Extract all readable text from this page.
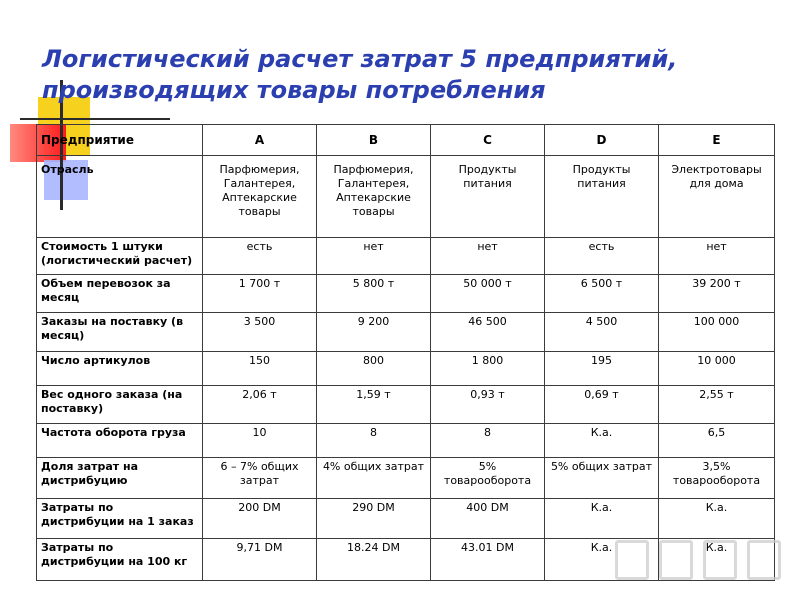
Логистический расчет затрат 5 предприятий, производящих товары потребления
Предприятие	A	B	C	D	E
Отрасль	Парфюмерия, Галантерея, Аптекарские товары	Парфюмерия, Галантерея, Аптекарские товары	Продукты питания	Продукты питания	Электротовары для дома
Стоимость 1 штуки (логистический расчет)	есть	нет	нет	есть	нет
Объем перевозок за месяц	1 700 т	5 800 т	50 000 т	6 500 т	39 200 т
Заказы на поставку (в месяц)	3 500	9 200	46 500	4 500	100 000
Число артикулов	150	800	1 800	195	10 000
Вес одного заказа (на поставку)	2,06 т	1,59 т	0,93 т	0,69 т	2,55 т
Частота оборота груза	10	8	8	К.а.	6,5
Доля затрат на дистрибуцию	6 – 7% общих затрат	4% общих затрат	5% товарооборота	5% общих затрат	3,5% товарооборота
Затраты по дистрибуции на 1 заказ	200 DM	290 DM	400 DM	К.а.	К.а.
Затраты по дистрибуции на 100 кг	9,71 DM	18.24 DM	43.01 DM	К.а.	К.а.
